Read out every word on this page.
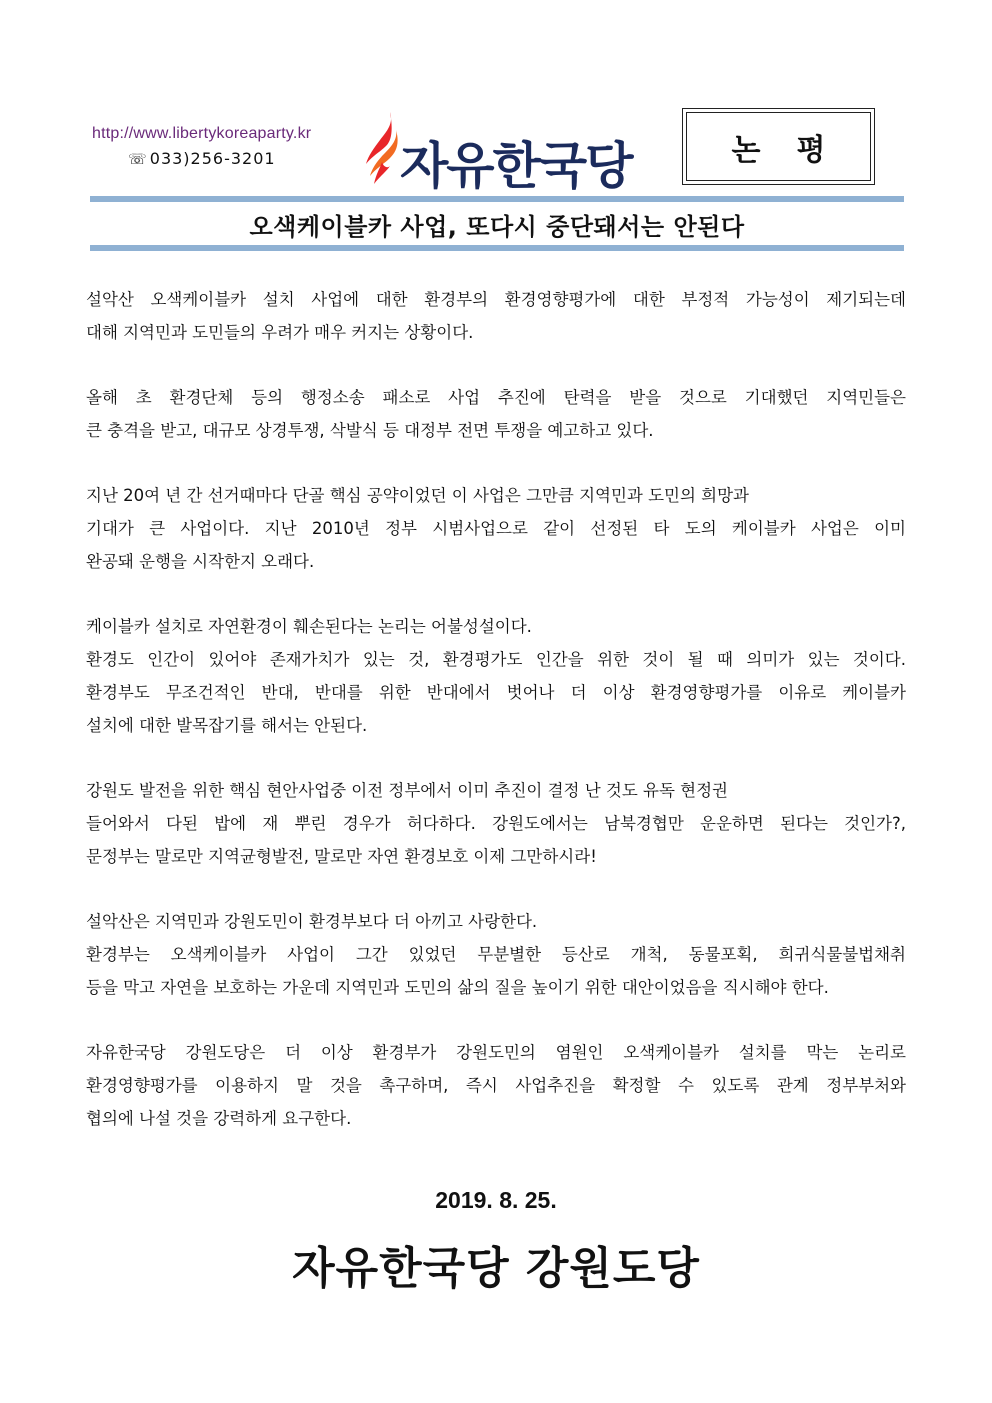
http://www.libertykoreaparty.kr
☏ 033)256-3201 자유한국당	논평
오색케이블카 사업, 또다시 중단돼서는 안된다
설악산 오색케이블카 설치 사업에 대한 환경부의 환경영향평가에 대한 부정적 가능성이 제기되는데
대해 지역민과 도민들의 우려가 매우 커지는 상황이다.
올해 초 환경단체 등의 행정소송 패소로 사업 추진에 탄력을 받을 것으로 기대했던 지역민들은
큰 충격을 받고, 대규모 상경투쟁, 삭발식 등 대정부 전면 투쟁을 예고하고 있다.
지난 20여 년 간 선거때마다 단골 핵심 공약이었던 이 사업은 그만큼 지역민과 도민의 희망과
기대가 큰 사업이다. 지난 2010년 정부 시범사업으로 같이 선정된 타 도의 케이블카 사업은 이미
완공돼 운행을 시작한지 오래다.
케이블카 설치로 자연환경이 훼손된다는 논리는 어불성설이다.
환경도 인간이 있어야 존재가치가 있는 것, 환경평가도 인간을 위한 것이 될 때 의미가 있는 것이다.
환경부도 무조건적인 반대, 반대를 위한 반대에서 벗어나 더 이상 환경영향평가를 이유로 케이블카
설치에 대한 발목잡기를 해서는 안된다.
강원도 발전을 위한 핵심 현안사업중 이전 정부에서 이미 추진이 결정 난 것도 유독 현정권
들어와서 다된 밥에 재 뿌린 경우가 허다하다. 강원도에서는 남북경협만 운운하면 된다는 것인가?,
문정부는 말로만 지역균형발전, 말로만 자연 환경보호 이제 그만하시라!
설악산은 지역민과 강원도민이 환경부보다 더 아끼고 사랑한다.
환경부는 오색케이블카 사업이 그간 있었던 무분별한 등산로 개척, 동물포획, 희귀식물불법채취
등을 막고 자연을 보호하는 가운데 지역민과 도민의 삶의 질을 높이기 위한 대안이었음을 직시해야 한다.
자유한국당 강원도당은 더 이상 환경부가 강원도민의 염원인 오색케이블카 설치를 막는 논리로
환경영향평가를 이용하지 말 것을 촉구하며, 즉시 사업추진을 확정할 수 있도록 관계 정부부처와
협의에 나설 것을 강력하게 요구한다.
2019. 8. 25.
자유한국당 강원도당
